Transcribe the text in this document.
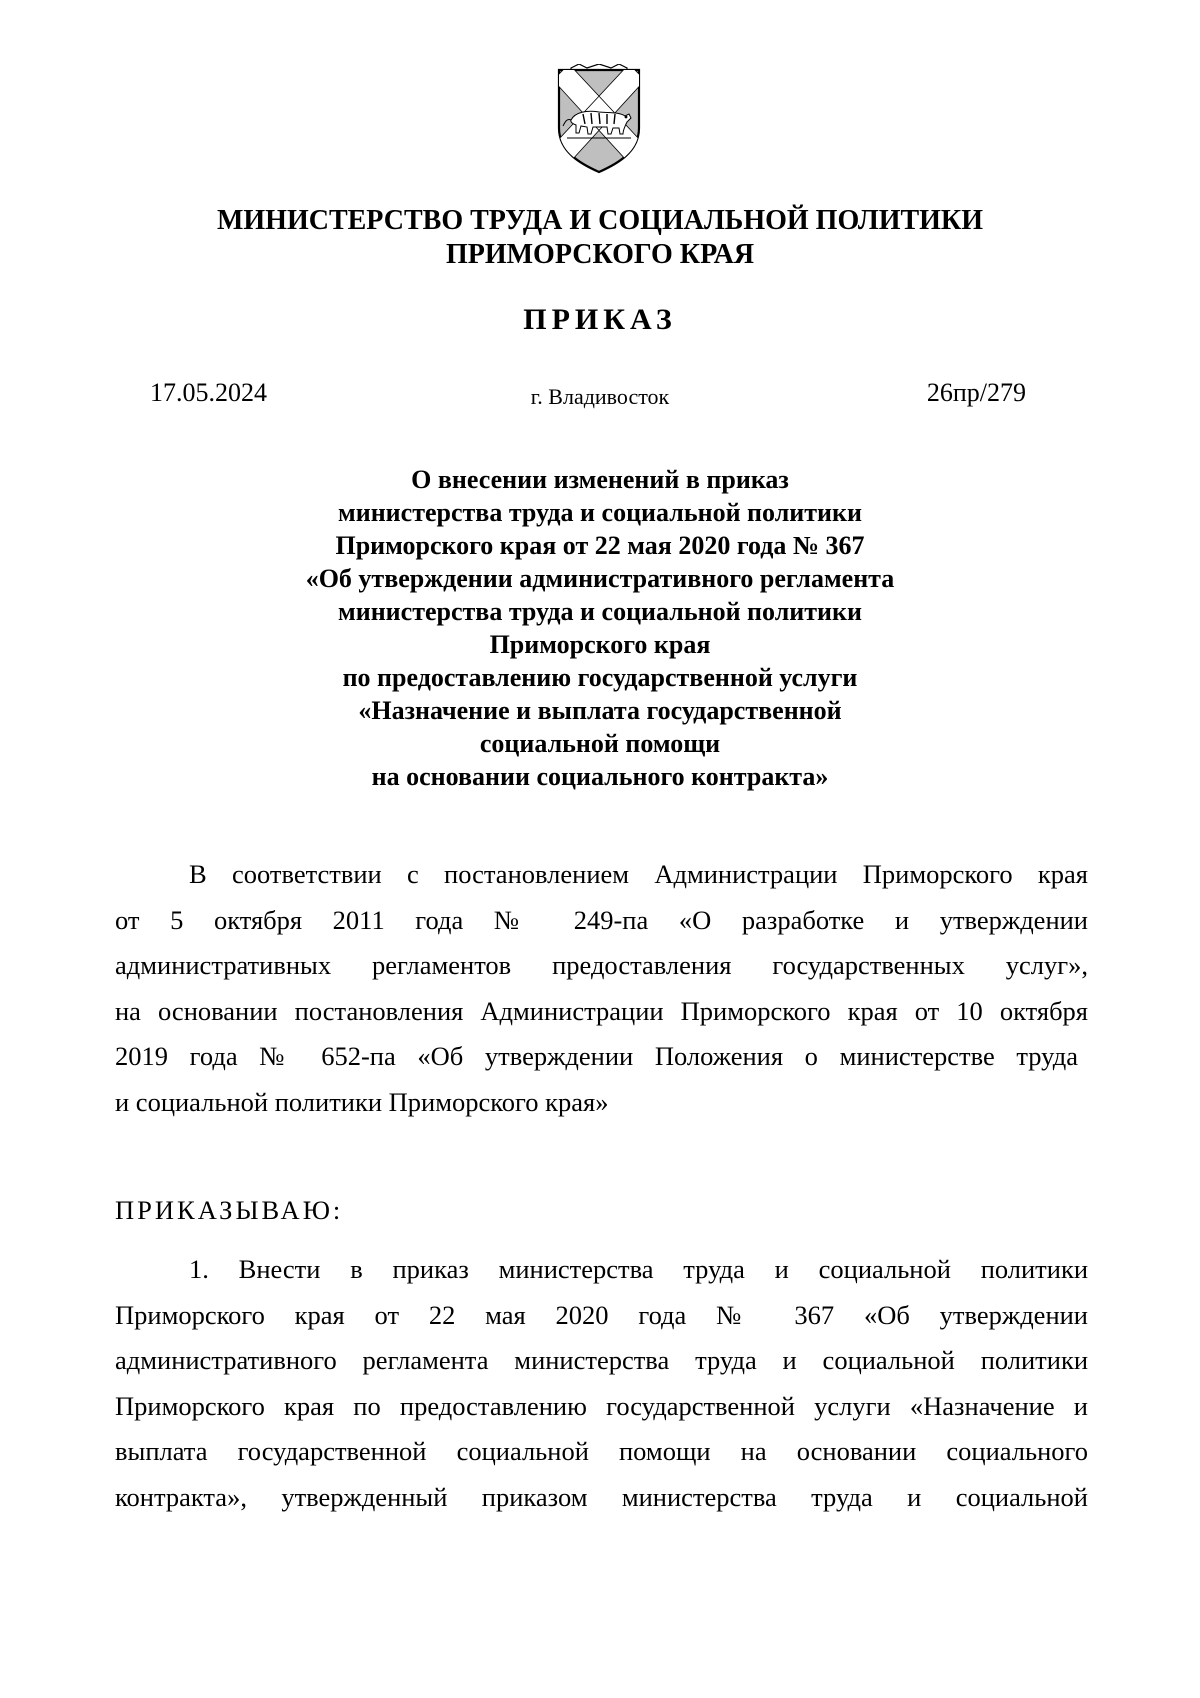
МИНИСТЕРСТВО ТРУДА И СОЦИАЛЬНОЙ ПОЛИТИКИ
ПРИМОРСКОГО КРАЯ
ПРИКАЗ
17.05.2024	г. Владивосток	26пр/279
О внесении изменений в приказ
министерства труда и социальной политики
Приморского края от 22 мая 2020 года № 367
«Об утверждении административного регламента
министерства труда и социальной политики
Приморского края
по предоставлению государственной услуги
«Назначение и выплата государственной
социальной помощи
на основании социального контракта»
В соответствии с постановлением Администрации Приморского края
от 5 октября 2011 года № 249-па «О разработке и утверждении
административных регламентов предоставления государственных услуг»,
на основании постановления Администрации Приморского края от 10 октября
2019 года № 652-па «Об утверждении Положения о министерстве труда
и социальной политики Приморского края»
ПРИКАЗЫВАЮ:
1. Внести в приказ министерства труда и социальной политики
Приморского края от 22 мая 2020 года № 367 «Об утверждении
административного регламента министерства труда и социальной политики
Приморского края по предоставлению государственной услуги «Назначение и
выплата государственной социальной помощи на основании социального
контракта», утвержденный приказом министерства труда и социальной
